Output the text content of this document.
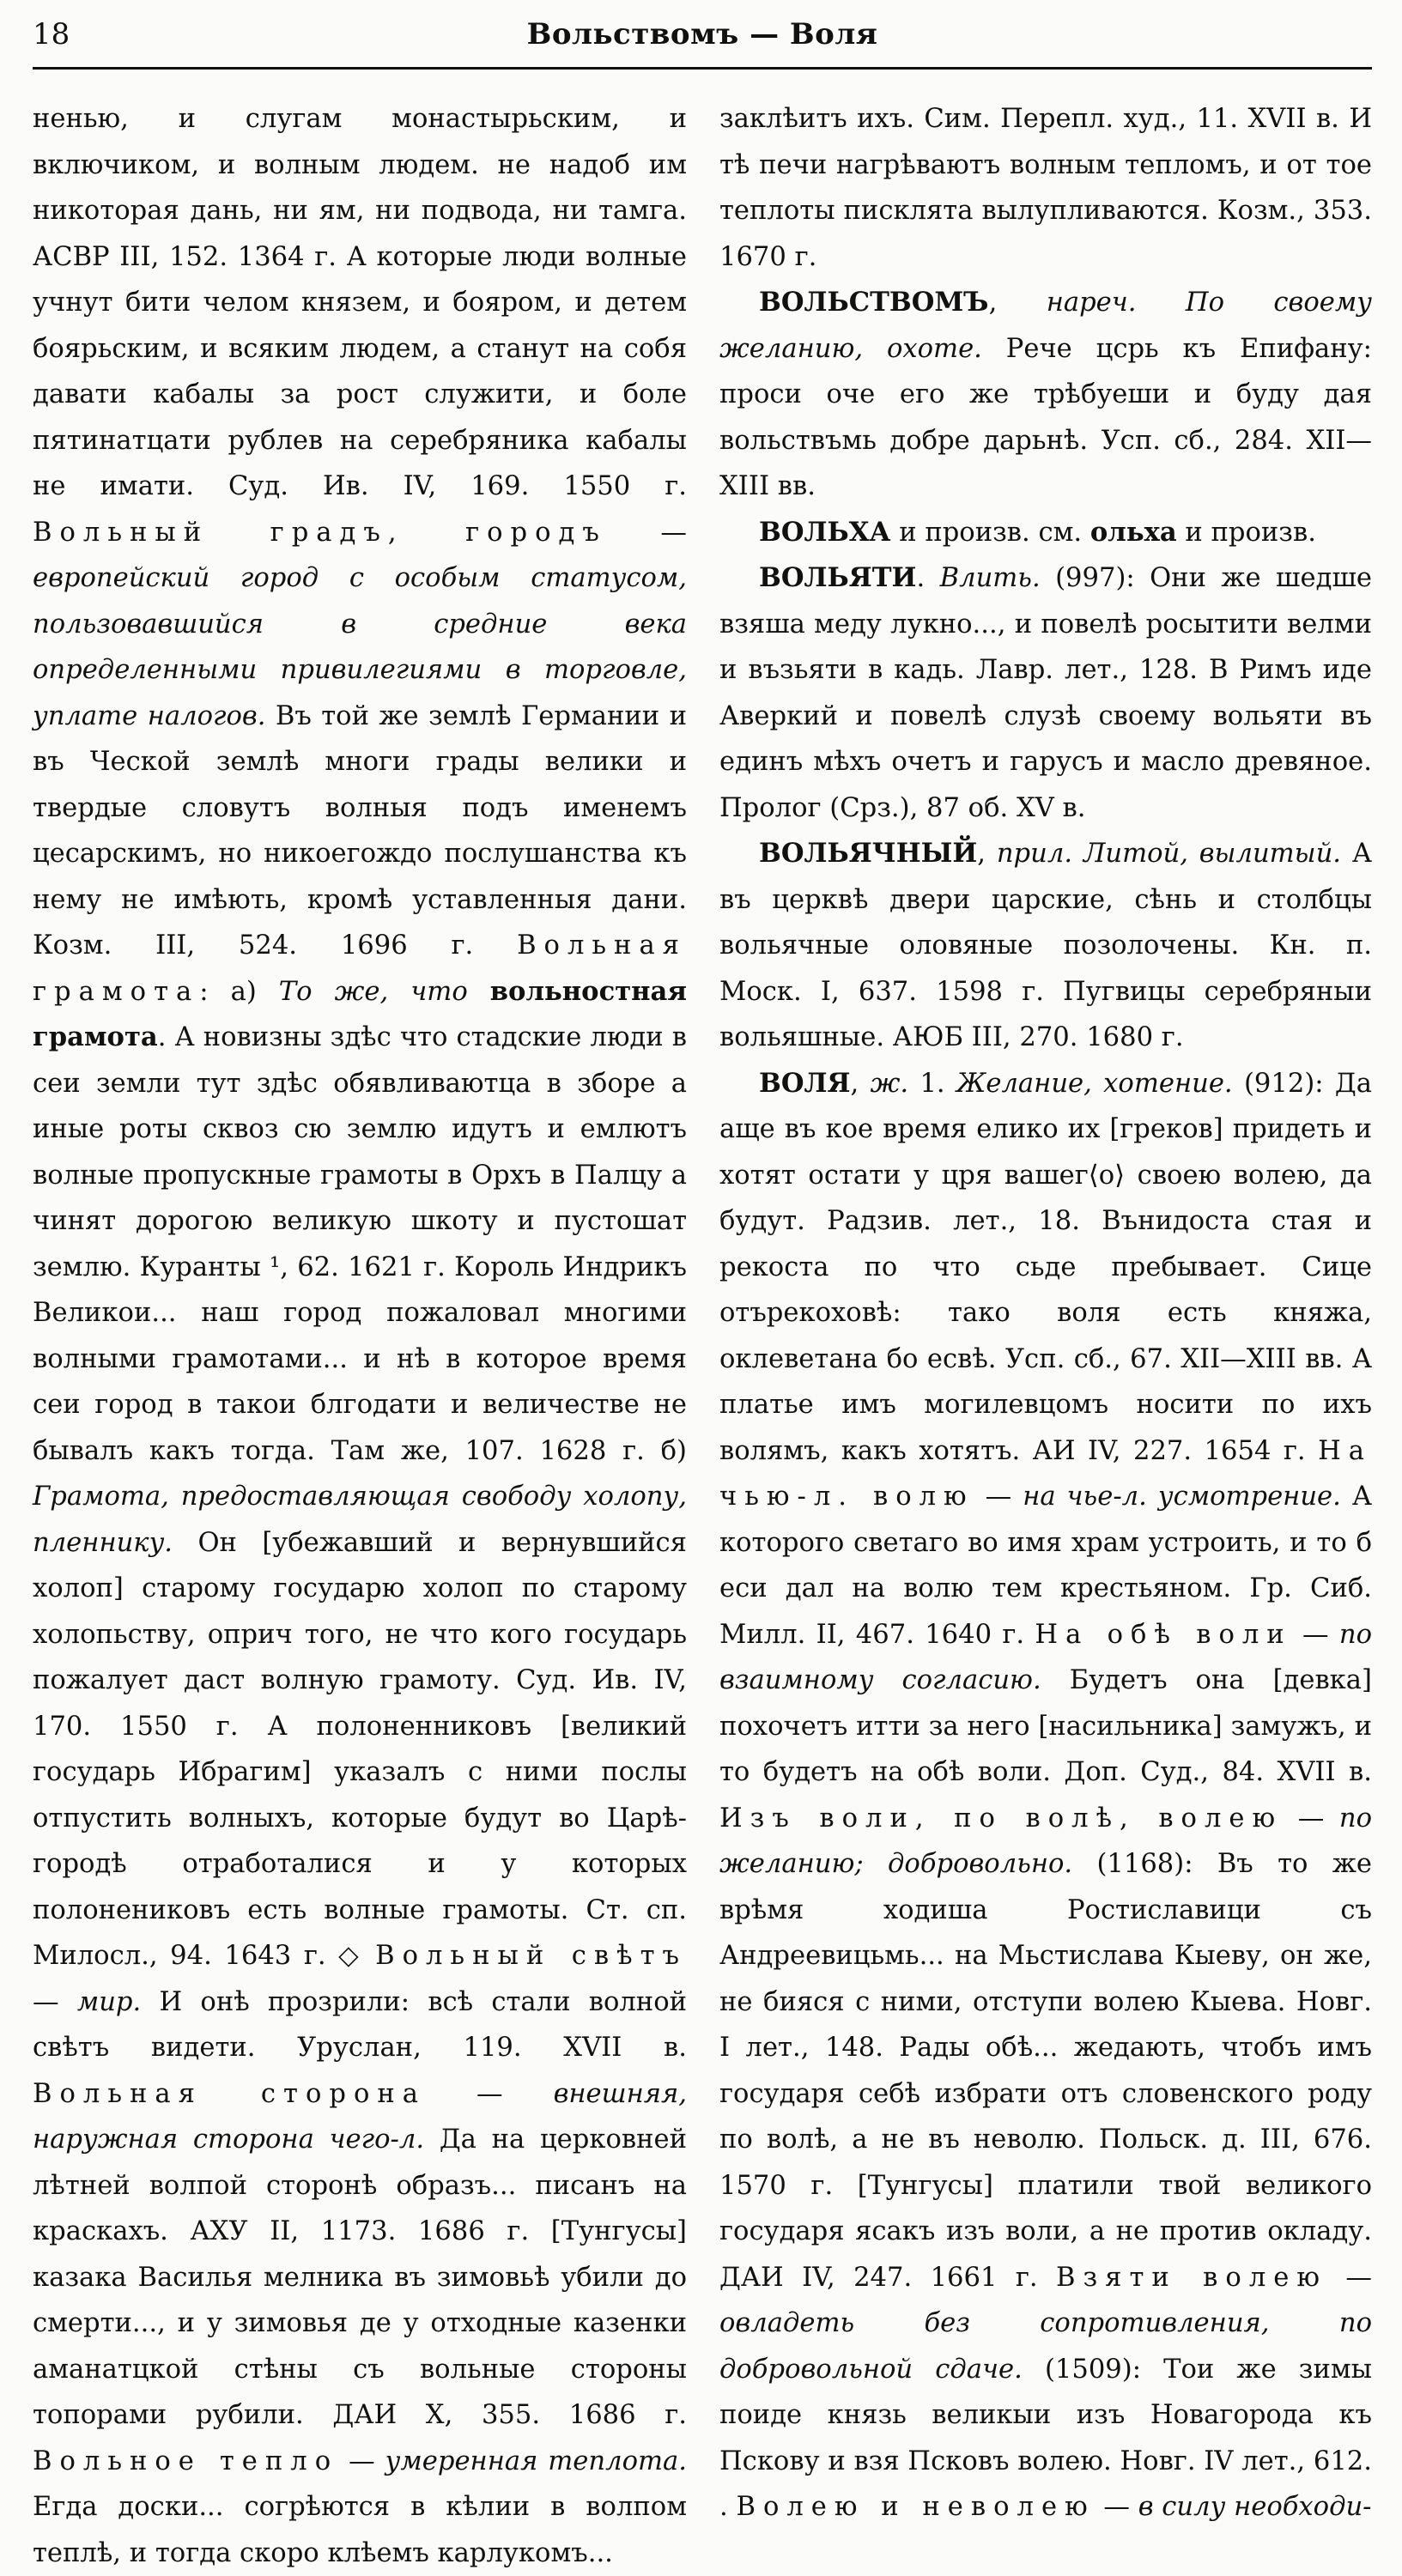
18	Вольствомъ — Воля

ненью, и слугам монастырьским, и включиком, и волным людем. не надоб им никоторая дань, ни ям, ни подвода, ни тамга. АСВР III, 152. 1364 г. А которые люди волные учнут бити челом князем, и бояром, и детем боярьским, и всяким людем, а станут на собя давати кабалы за рост служити, и боле пятинатцати рублев на серебряника кабалы не имати. Суд. Ив. IV, 169. 1550 г. Вольный градъ, городъ — европейский город с особым статусом, пользовавшийся в средние века определенными привилегиями в торговле, уплате налогов. Въ той же землѣ Германии и въ Ческой землѣ многи грады велики и твердые словутъ волныя подъ именемъ цесарскимъ, но никоегождо послушанства къ нему не имѣють, кромѣ уставленныя дани. Козм. III, 524. 1696 г. Вольная грамота: а) То же, что вольностная грамота. А новизны здѣс что стадские люди в сеи земли тут здѣс обявливаютца в зборе а иные роты сквоз сю землю идутъ и емлютъ волные пропускные грамоты в Орхъ в Палцу а чинят дорогою великую шкоту и пустошат землю. Куранты ¹, 62. 1621 г. Король Индрикъ Великои... наш город пожаловал многими волными грамотами... и нѣ в которое время сеи город в такои блгодати и величестве не бывалъ какъ тогда. Там же, 107. 1628 г. б) Грамота, предоставляющая свободу холопу, пленнику. Он [убежавший и вернувшийся холоп] старому государю холоп по старому холопьству, оприч того, не что кого государь пожалует даст волную грамоту. Суд. Ив. IV, 170. 1550 г. А полоненниковъ [великий государь Ибрагим] указалъ с ними послы отпустить волныхъ, которые будут во Царѣ-городѣ отработалися и у которых полонениковъ есть волные грамоты. Ст. сп. Милосл., 94. 1643 г. ◇ Вольный свѣтъ — мир. И онѣ прозрили: всѣ стали волной свѣтъ видети. Уруслан, 119. XVII в. Вольная сторона — внешняя, наружная сторона чего-л. Да на церковней лѣтней волпой сторонѣ образъ... писанъ на краскахъ. АХУ II, 1173. 1686 г. [Тунгусы] казака Василья мелника въ зимовьѣ убили до смерти..., и у зимовья де у отходные казенки аманатцкой стѣны съ вольные стороны топорами рубили. ДАИ X, 355. 1686 г. Вольное тепло — умеренная теплота. Егда доски... согрѣются в кѣлии в волпом теплѣ, и тогда скоро клѣемъ карлукомъ...

заклѣитъ ихъ. Сим. Перепл. худ., 11. XVII в. И тѣ печи нагрѣваютъ волным тепломъ, и от тое теплоты писклята вылупливаются. Козм., 353. 1670 г.

ВОЛЬСТВОМЪ, нареч. По своему желанию, охоте. Рече цсрь къ Епифану: проси оче его же трѣбуеши и буду дая вольствъмь добре дарьнѣ. Усп. сб., 284. XII—XIII вв.

ВОЛЬХА и произв. см. ольха и произв.

ВОЛЬЯТИ. Влить. (997): Они же шедше взяша меду лукно..., и повелѣ росытити велми и възьяти в кадь. Лавр. лет., 128. В Римъ иде Аверкий и повелѣ слузѣ своему вольяти въ единъ мѣхъ очетъ и гарусъ и масло древяное. Пролог (Срз.), 87 об. XV в.

ВОЛЬЯЧНЫЙ, прил. Литой, вылитый. А въ церквѣ двери царские, сѣнь и столбцы вольячные оловяные позолочены. Кн. п. Моск. I, 637. 1598 г. Пугвицы серебряныи вольяшные. АЮБ III, 270. 1680 г.

ВОЛЯ, ж. 1. Желание, хотение. (912): Да аще въ кое время елико их [греков] придеть и хотят остати у цря вашег⟨о⟩ своею волею, да будут. Радзив. лет., 18. Вънидоста стая и рекоста по что сьде пребывает. Сице отърекоховѣ: тако воля есть княжа, оклеветана бо есвѣ. Усп. сб., 67. XII—XIII вв. А платье имъ могилевцомъ носити по ихъ волямъ, какъ хотятъ. АИ IV, 227. 1654 г. На чью-л. волю — на чье-л. усмотрение. А которого светаго во имя храм устроить, и то б еси дал на волю тем крестьяном. Гр. Сиб. Милл. II, 467. 1640 г. На обѣ воли — по взаимному согласию. Будетъ она [девка] похочетъ итти за него [насильника] замужъ, и то будетъ на обѣ воли. Доп. Суд., 84. XVII в. Изъ воли, по волѣ, волею — по желанию; добровольно. (1168): Въ то же врѣмя ходиша Ростиславици съ Андреевицьмь... на Мьстислава Кыеву, он же, не бияся с ними, отступи волею Кыева. Новг. I лет., 148. Рады обѣ... жедають, чтобъ имъ государя себѣ избрати отъ словенского роду по волѣ, а не въ неволю. Польск. д. III, 676. 1570 г. [Тунгусы] платили твой великого государя ясакъ изъ воли, а не против окладу. ДАИ IV, 247. 1661 г. Взяти волею — овладеть без сопротивления, по добровольной сдаче. (1509): Тои же зимы поиде князь великыи изъ Новагорода къ Пскову и взя Псковъ волею. Новг. IV лет., 612. . Волею и неволею — в силу необходи-
